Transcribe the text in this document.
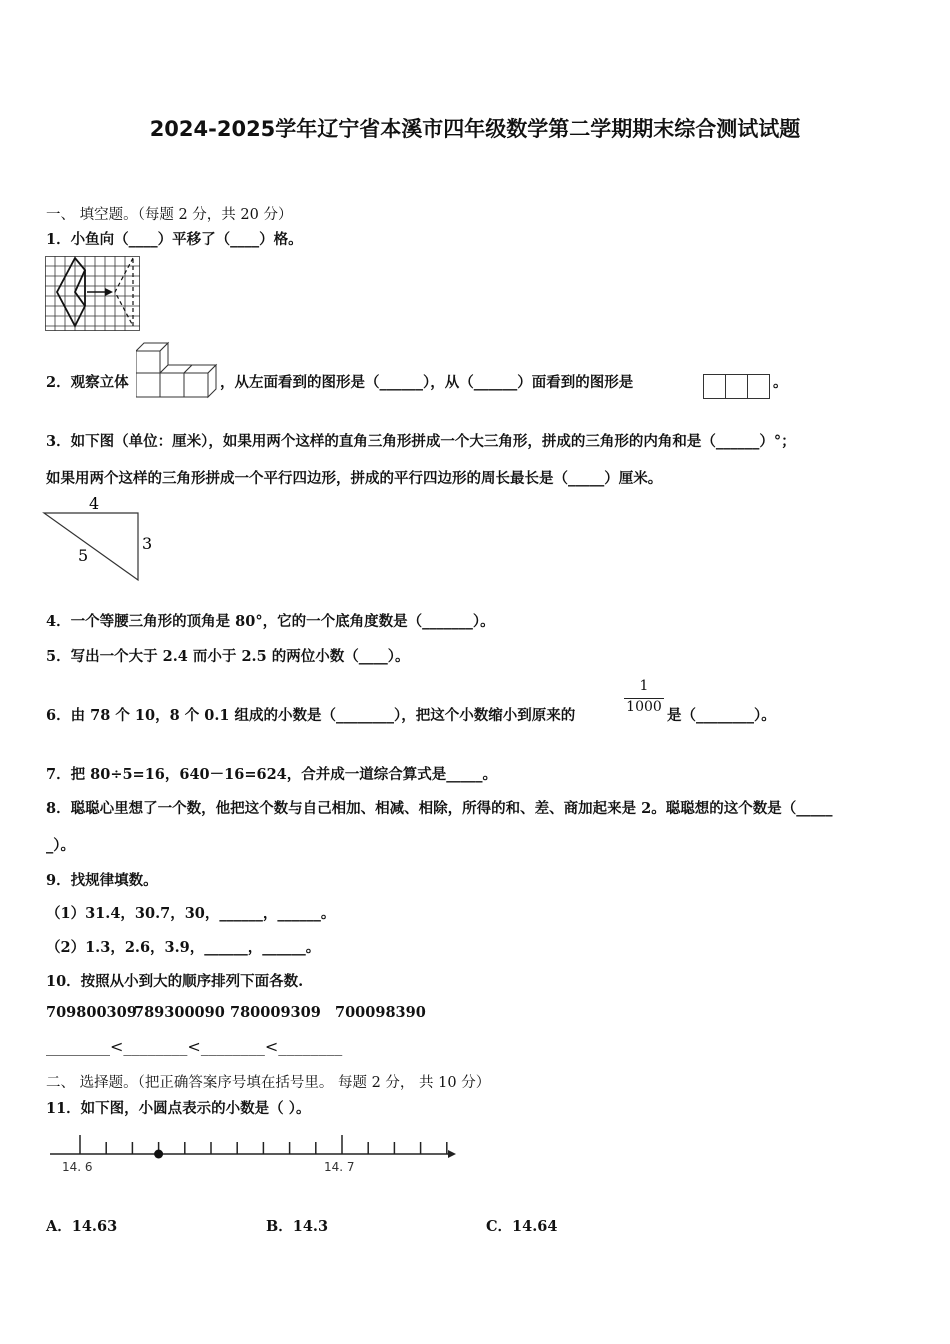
2024-2025学年辽宁省本溪市四年级数学第二学期期末综合测试试题
一、 填空题。（每题 2 分，共 20 分）
1．小鱼向（____）平移了（____）格。
2．观察立体	，从左面看到的图形是（______），从（______）面看到的图形是	。
3．如下图（单位：厘米），如果用两个这样的直角三角形拼成一个大三角形，拼成的三角形的内角和是（______）°；
如果用两个这样的三角形拼成一个平行四边形，拼成的平行四边形的周长最长是（_____）厘米。
4
5
3
4．一个等腰三角形的顶角是 80°，它的一个底角度数是（_______）。
5．写出一个大于 2.4 而小于 2.5 的两位小数（____）。
6．由 78 个 10，8 个 0.1 组成的小数是（________），把这个小数缩小到原来的
1
1000 是（________）。
7．把 80÷5=16，640－16=624，合并成一道综合算式是_____。
8．聪聪心里想了一个数，他把这个数与自己相加、相减、相除，所得的和、差、商加起来是 2。聪聪想的这个数是（_____
_）。
9．找规律填数。
（1）31.4，30.7，30，______，______。
（2）1.3，2.6，3.9，______，______。
10．按照从小到大的顺序排列下面各数.
709800309
789300090 780009309 700098390
________<________<________<________
二、 选择题。（把正确答案序号填在括号里。 每题 2 分， 共 10 分）
11．如下图，小圆点表示的小数是（ ）。
14. 6	14. 7
A．14.63	B．14.3	C．14.64
